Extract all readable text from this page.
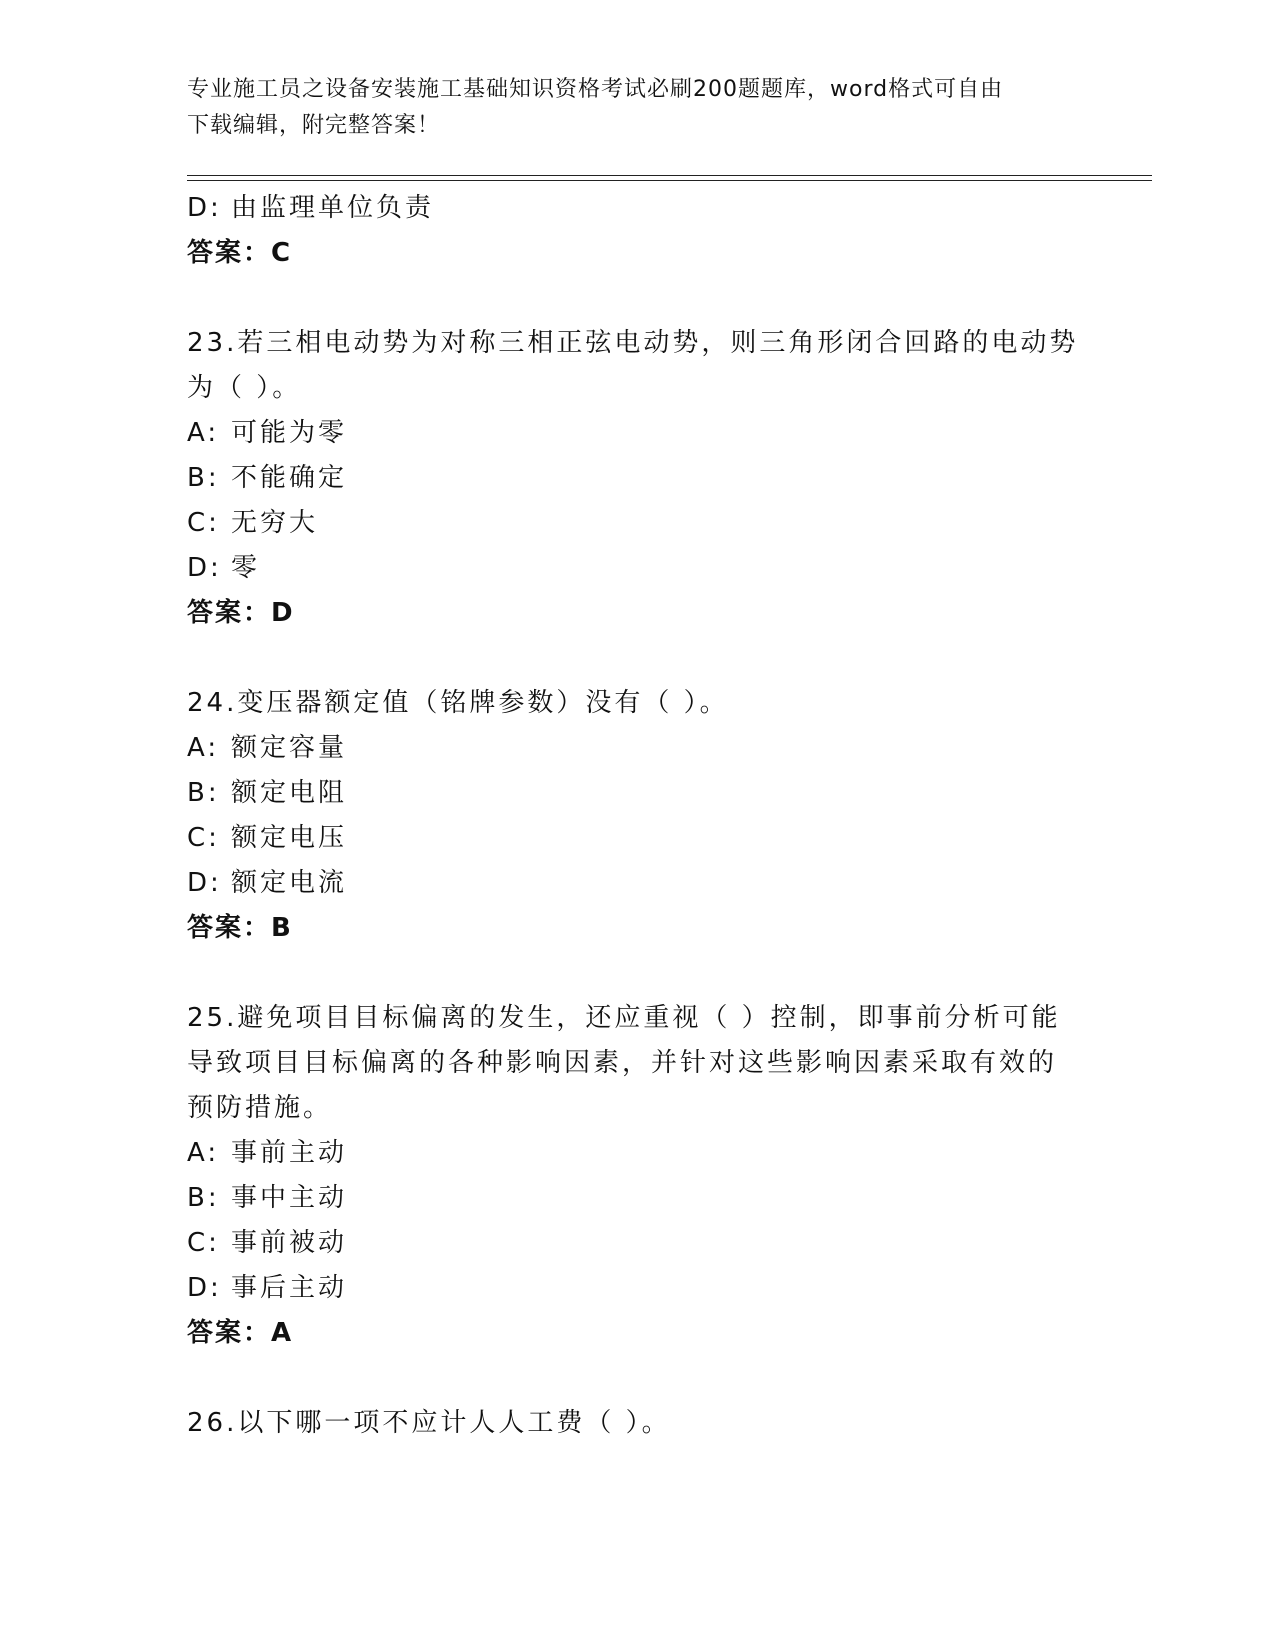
专业施工员之设备安装施工基础知识资格考试必刷200题题库，word格式可自由
下载编辑，附完整答案！
D: 由监理单位负责
答案：C
23.若三相电动势为对称三相正弦电动势，则三角形闭合回路的电动势
为（ ）。
A: 可能为零
B: 不能确定
C: 无穷大
D: 零
答案：D
24.变压器额定值（铭牌参数）没有（ ）。
A: 额定容量
B: 额定电阻
C: 额定电压
D: 额定电流
答案：B
25.避免项目目标偏离的发生，还应重视（ ）控制，即事前分析可能
导致项目目标偏离的各种影响因素，并针对这些影响因素采取有效的
预防措施。
A: 事前主动
B: 事中主动
C: 事前被动
D: 事后主动
答案：A
26.以下哪一项不应计人人工费（ ）。
